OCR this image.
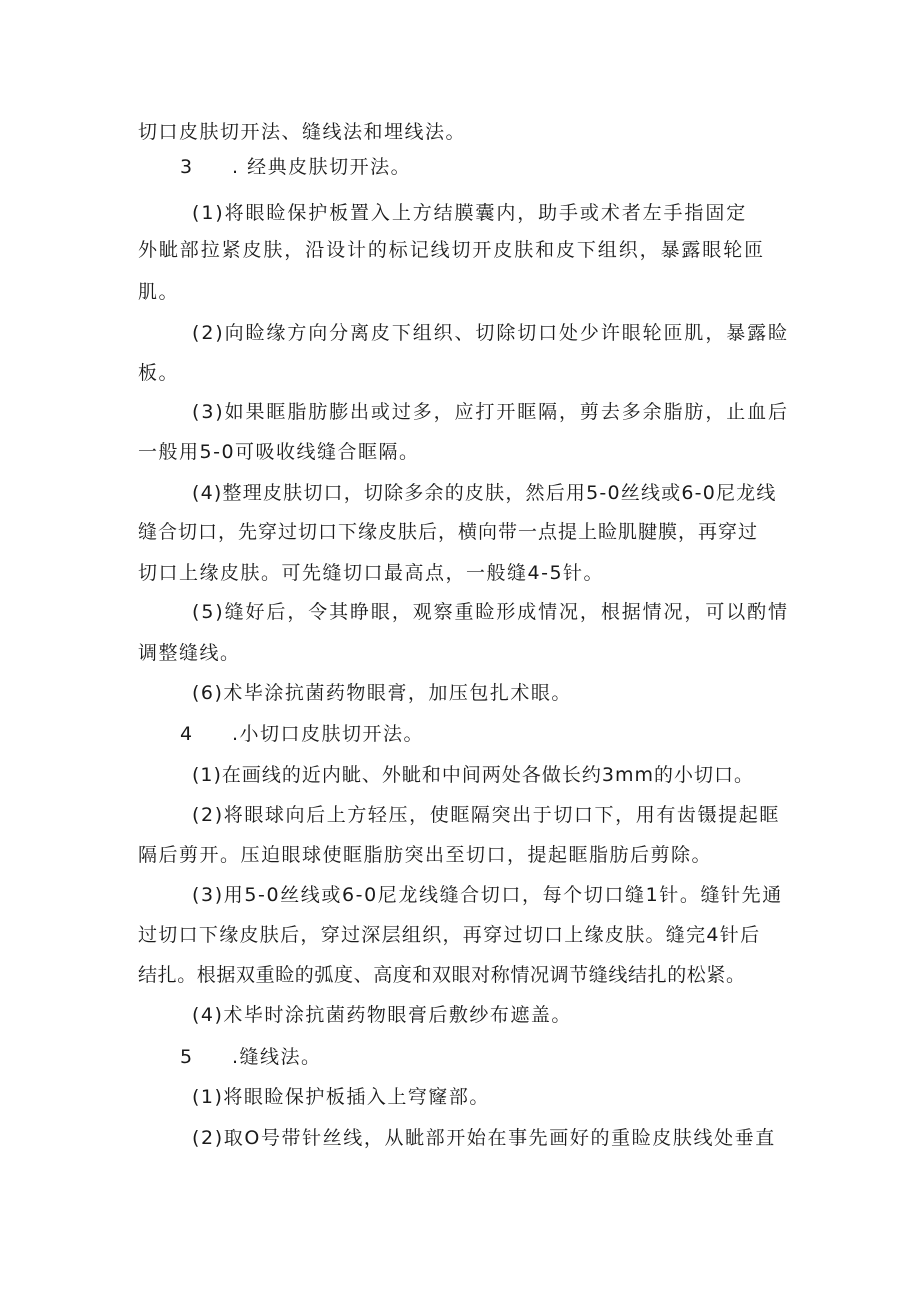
切口皮肤切开法、缝线法和埋线法。
3 . 经典皮肤切开法。
(1)将眼睑保护板置入上方结膜囊内，助手或术者左手指固定
外眦部拉紧皮肤，沿设计的标记线切开皮肤和皮下组织，暴露眼轮匝
肌。
(2)向睑缘方向分离皮下组织、切除切口处少许眼轮匝肌，暴露睑
板。
(3)如果眶脂肪膨出或过多，应打开眶隔，剪去多余脂肪，止血后
一般用5-0可吸收线缝合眶隔。
(4)整理皮肤切口，切除多余的皮肤，然后用5-0丝线或6-0尼龙线
缝合切口，先穿过切口下缘皮肤后，横向带一点提上睑肌腱膜，再穿过
切口上缘皮肤。可先缝切口最高点，一般缝4-5针。
(5)缝好后，令其睁眼，观察重睑形成情况，根据情况，可以酌情
调整缝线。
(6)术毕涂抗菌药物眼膏，加压包扎术眼。
4 .小切口皮肤切开法。
(1)在画线的近内眦、外眦和中间两处各做长约3mm的小切口。
(2)将眼球向后上方轻压，使眶隔突出于切口下，用有齿镊提起眶
隔后剪开。压迫眼球使眶脂肪突出至切口，提起眶脂肪后剪除。
(3)用5-0丝线或6-0尼龙线缝合切口，每个切口缝1针。缝针先通
过切口下缘皮肤后，穿过深层组织，再穿过切口上缘皮肤。缝完4针后
结扎。根据双重睑的弧度、高度和双眼对称情况调节缝线结扎的松紧。
(4)术毕时涂抗菌药物眼膏后敷纱布遮盖。
5 .缝线法。
(1)将眼睑保护板插入上穹窿部。
(2)取O号带针丝线，从眦部开始在事先画好的重睑皮肤线处垂直
